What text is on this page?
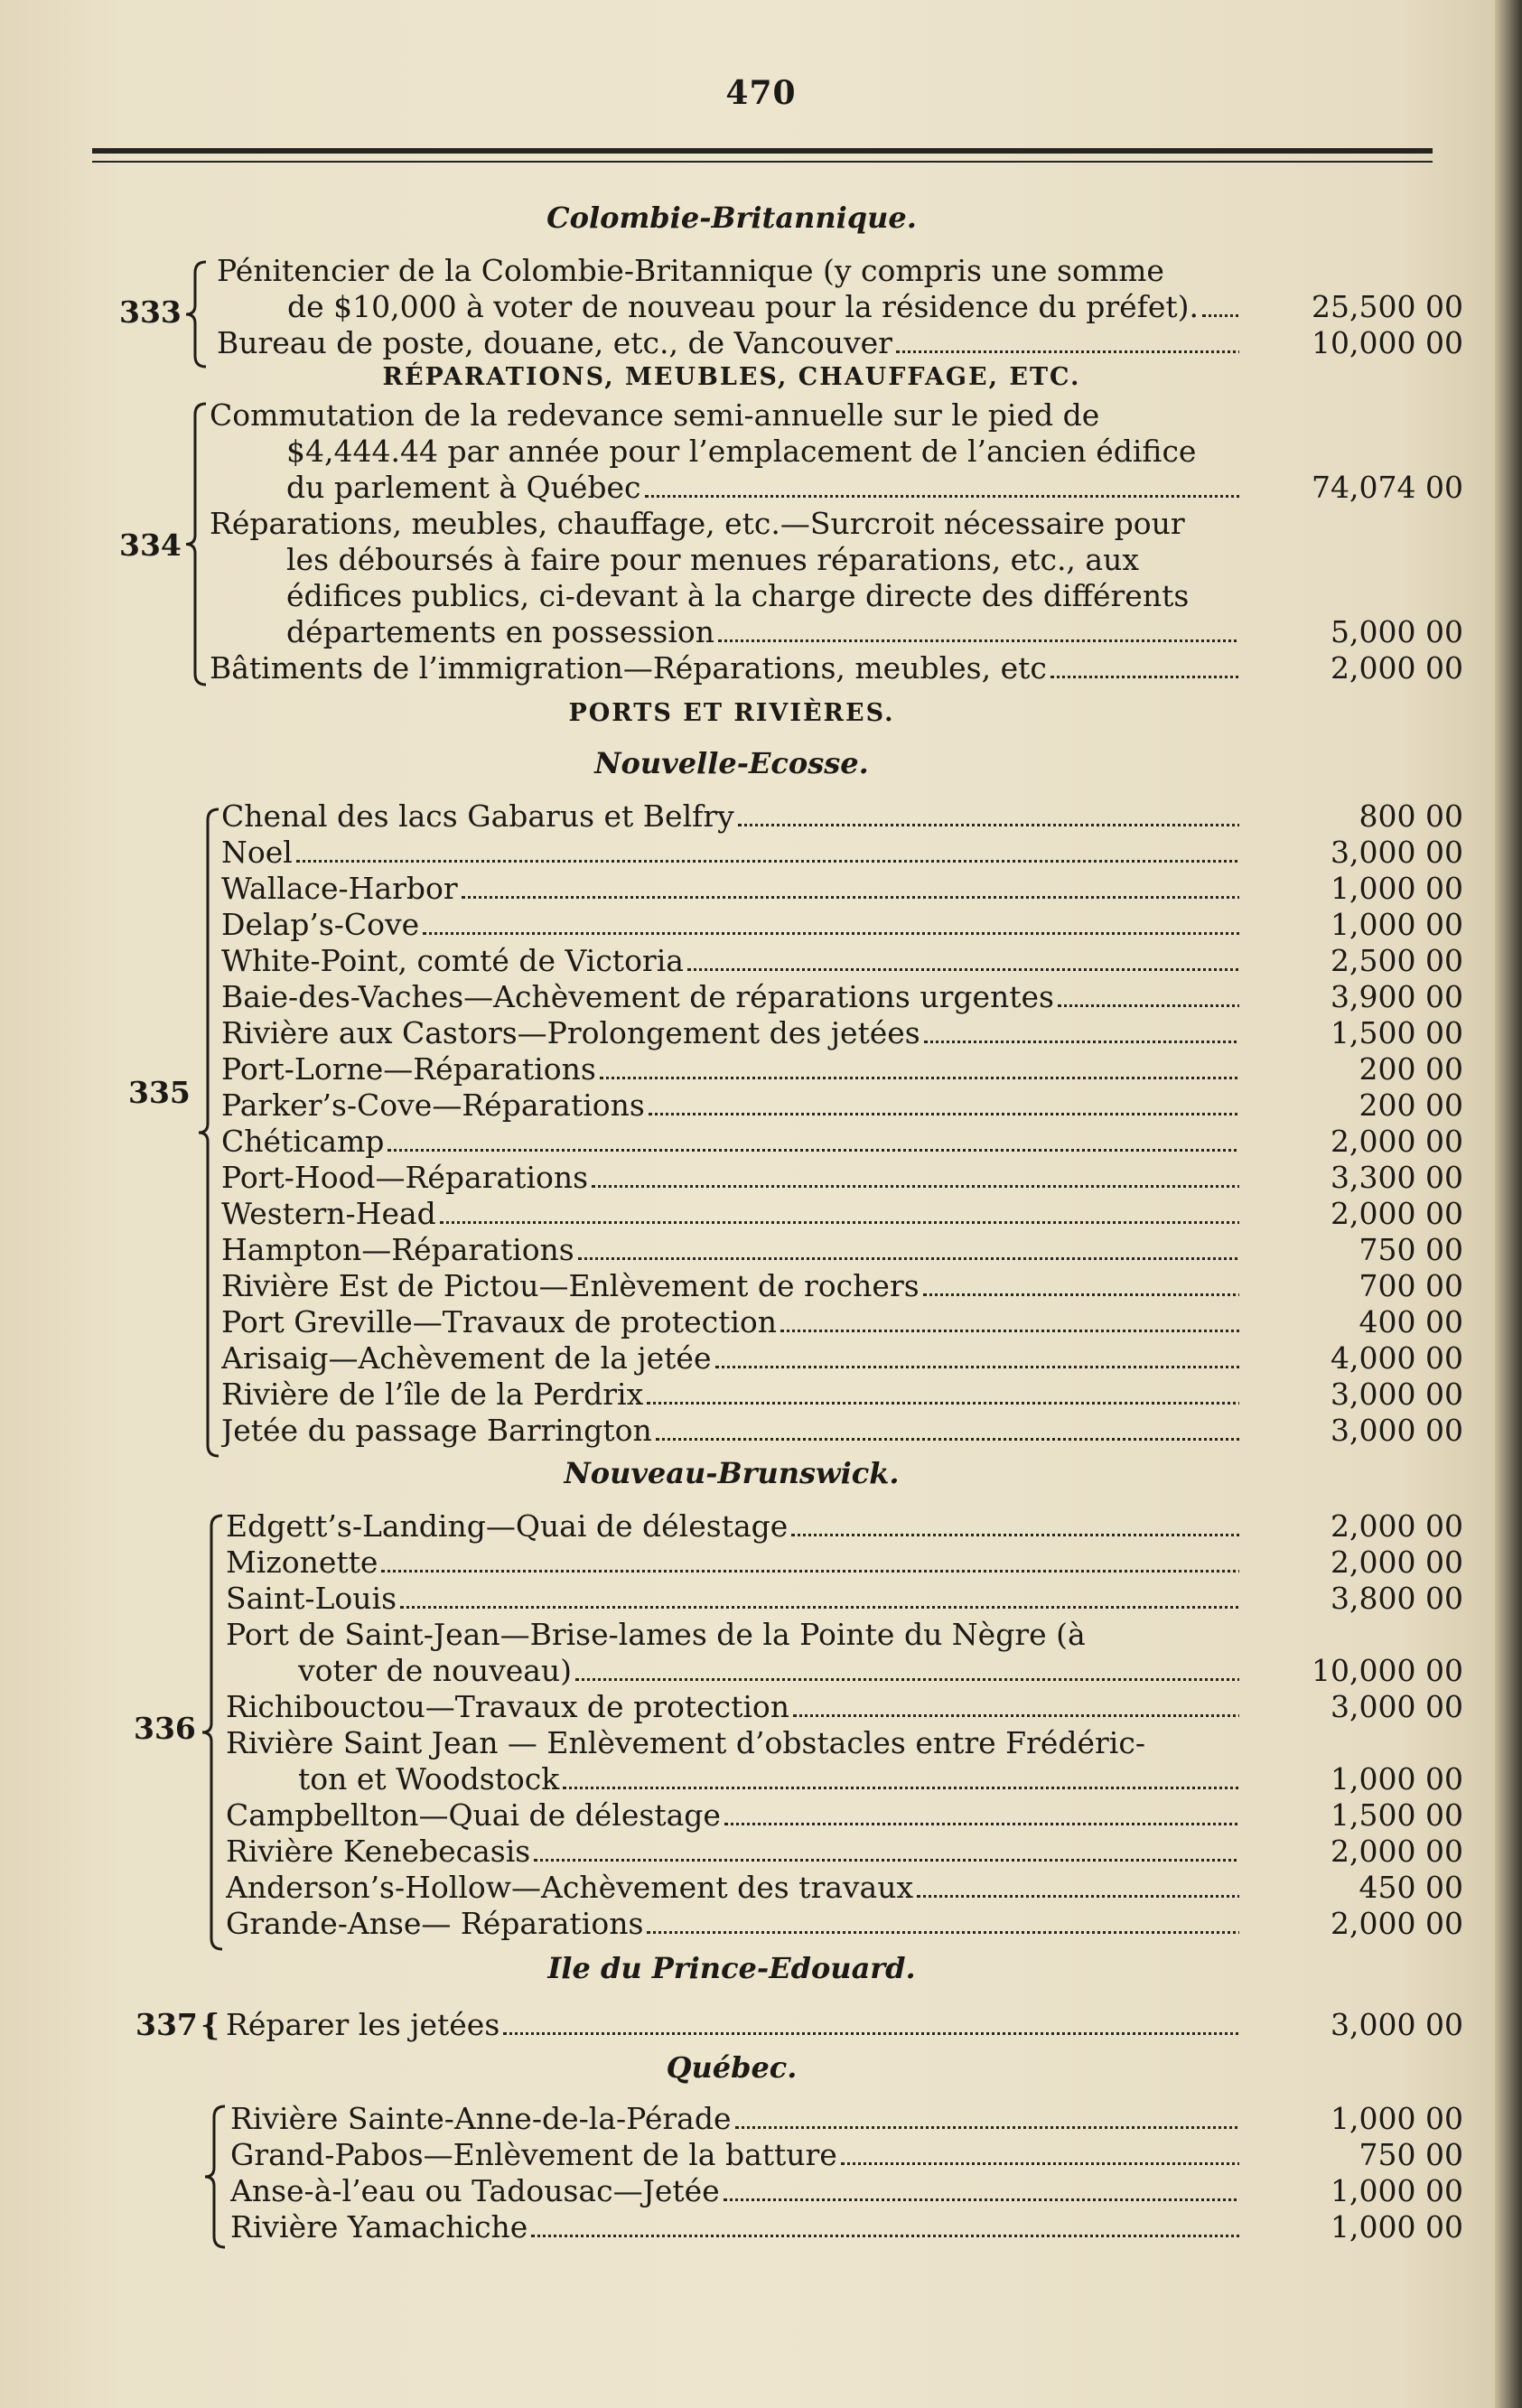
470
Colombie-Britannique.
333
Pénitencier de la Colombie-Britannique (y compris une somme
de $10,000 à voter de nouveau pour la résidence du préfet).	25,500 00
Bureau de poste, douane, etc., de Vancouver	10,000 00
RÉPARATIONS, MEUBLES, CHAUFFAGE, ETC.
334
Commutation de la redevance semi-annuelle sur le pied de
$4,444.44 par année pour l’emplacement de l’ancien édifice
du parlement à Québec	74,074 00
Réparations, meubles, chauffage, etc.—Surcroit nécessaire pour
les déboursés à faire pour menues réparations, etc., aux
édifices publics, ci-devant à la charge directe des différents
départements en possession	5,000 00
Bâtiments de l’immigration—Réparations, meubles, etc	2,000 00
PORTS ET RIVIÈRES.
Nouvelle-Ecosse.
335
Chenal des lacs Gabarus et Belfry	800 00
Noel	3,000 00
Wallace-Harbor	1,000 00
Delap’s-Cove	1,000 00
White-Point, comté de Victoria	2,500 00
Baie-des-Vaches—Achèvement de réparations urgentes	3,900 00
Rivière aux Castors—Prolongement des jetées	1,500 00
Port-Lorne—Réparations	200 00
Parker’s-Cove—Réparations	200 00
Chéticamp	2,000 00
Port-Hood—Réparations	3,300 00
Western-Head	2,000 00
Hampton—Réparations	750 00
Rivière Est de Pictou—Enlèvement de rochers	700 00
Port Greville—Travaux de protection	400 00
Arisaig—Achèvement de la jetée	4,000 00
Rivière de l’île de la Perdrix	3,000 00
Jetée du passage Barrington	3,000 00
Nouveau-Brunswick.
336
Edgett’s-Landing—Quai de délestage	2,000 00
Mizonette	2,000 00
Saint-Louis	3,800 00
Port de Saint-Jean—Brise-lames de la Pointe du Nègre (à
voter de nouveau)	10,000 00
Richibouctou—Travaux de protection	3,000 00
Rivière Saint Jean — Enlèvement d’obstacles entre Frédéric-
ton et Woodstock	1,000 00
Campbellton—Quai de délestage	1,500 00
Rivière Kenebecasis	2,000 00
Anderson’s-Hollow—Achèvement des travaux	450 00
Grande-Anse— Réparations	2,000 00
Ile du Prince-Edouard.
337 { Réparer les jetées	3,000 00
Québec.
Rivière Sainte-Anne-de-la-Pérade	1,000 00
Grand-Pabos—Enlèvement de la batture	750 00
Anse-à-l’eau ou Tadousac—Jetée	1,000 00
Rivière Yamachiche	1,000 00
